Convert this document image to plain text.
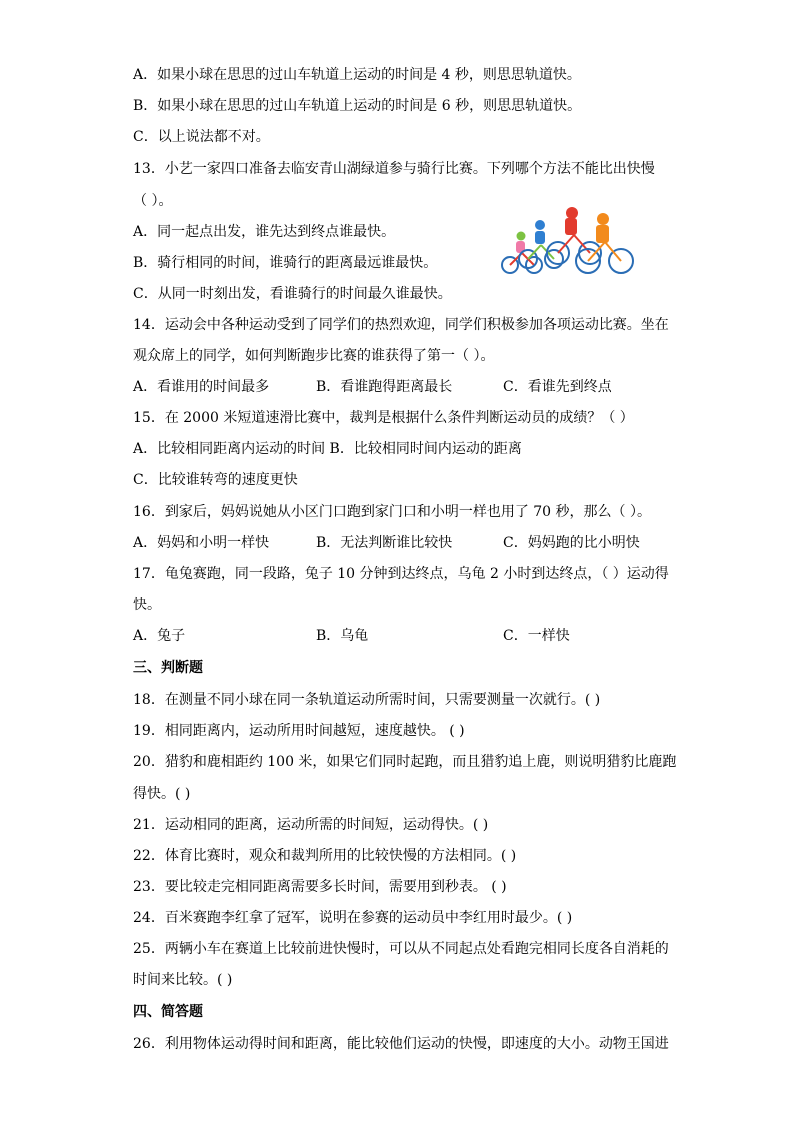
A．如果小球在思思的过山车轨道上运动的时间是 4 秒，则思思轨道快。
B．如果小球在思思的过山车轨道上运动的时间是 6 秒，则思思轨道快。
C．以上说法都不对。
13．小艺一家四口准备去临安青山湖绿道参与骑行比赛。下列哪个方法不能比出快慢
（ ）。
A．同一起点出发，谁先达到终点谁最快。
B．骑行相同的时间，谁骑行的距离最远谁最快。
C．从同一时刻出发，看谁骑行的时间最久谁最快。
14．运动会中各种运动受到了同学们的热烈欢迎，同学们积极参加各项运动比赛。坐在
观众席上的同学，如何判断跑步比赛的谁获得了第一（ ）。
A．看谁用的时间最多	B．看谁跑得距离最长	C．看谁先到终点
15．在 2000 米短道速滑比赛中，裁判是根据什么条件判断运动员的成绩？（ ）
A．比较相同距离内运动的时间 B．比较相同时间内运动的距离
C．比较谁转弯的速度更快
16．到家后，妈妈说她从小区门口跑到家门口和小明一样也用了 70 秒，那么（ ）。
A．妈妈和小明一样快	B．无法判断谁比较快	C．妈妈跑的比小明快
17．龟兔赛跑，同一段路，兔子 10 分钟到达终点，乌龟 2 小时到达终点，（ ）运动得
快。
A．兔子	B．乌龟	C．一样快
三、判断题
18．在测量不同小球在同一条轨道运动所需时间，只需要测量一次就行。( )
19．相同距离内，运动所用时间越短，速度越快。 ( )
20．猎豹和鹿相距约 100 米，如果它们同时起跑，而且猎豹追上鹿，则说明猎豹比鹿跑
得快。( )
21．运动相同的距离，运动所需的时间短，运动得快。( )
22．体育比赛时，观众和裁判所用的比较快慢的方法相同。( )
23．要比较走完相同距离需要多长时间，需要用到秒表。 ( )
24．百米赛跑李红拿了冠军，说明在参赛的运动员中李红用时最少。( )
25．两辆小车在赛道上比较前进快慢时，可以从不同起点处看跑完相同长度各自消耗的
时间来比较。( )
四、简答题
26．利用物体运动得时间和距离，能比较他们运动的快慢，即速度的大小。动物王国进
